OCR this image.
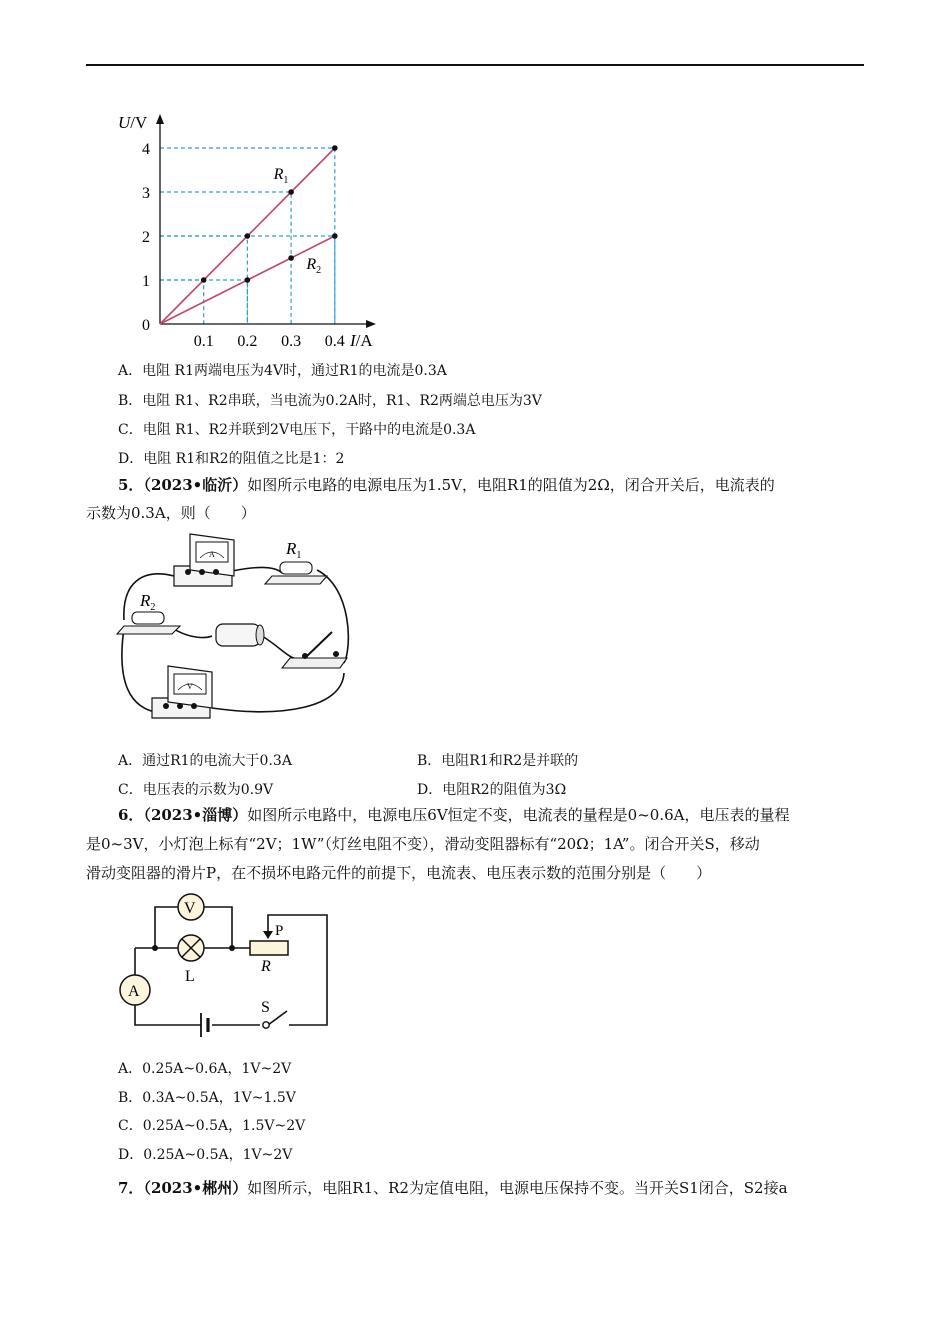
0.1 0.2 0.3 0.4
1
2
3
4
0
U/V
I/A
$R_1$
$R_2$
A．电阻 R1两端电压为4V时，通过R1的电流是0.3A
B．电阻 R1、R2串联，当电流为0.2A时，R1、R2两端总电压为3V
C．电阻 R1、R2并联到2V电压下，干路中的电流是0.3A
D．电阻 R1和R2的阻值之比是1：2
5．（2023•临沂）如图所示电路的电源电压为1.5V，电阻R1的阻值为2Ω，闭合开关后，电流表的
示数为0.3A，则（　　）
A	$R_1$
$R_2$
V
A．通过R1的电流大于0.3A	B．电阻R1和R2是并联的
C．电压表的示数为0.9V	D．电阻R2的阻值为3Ω
6．（2023•淄博）如图所示电路中，电源电压6V恒定不变，电流表的量程是0~0.6A，电压表的量程
是0~3V，小灯泡上标有“2V；1W”（灯丝电阻不变），滑动变阻器标有“20Ω；1A”。闭合开关S，移动
滑动变阻器的滑片P，在不损坏电路元件的前提下，电流表、电压表示数的范围分别是（　　）
V
L
A
P
R
S
A．0.25A~0.6A，1V~2V
B．0.3A~0.5A，1V~1.5V
C．0.25A~0.5A，1.5V~2V
D．0.25A~0.5A，1V~2V
7．（2023•郴州）如图所示，电阻R1、R2为定值电阻，电源电压保持不变。当开关S1闭合，S2接a
